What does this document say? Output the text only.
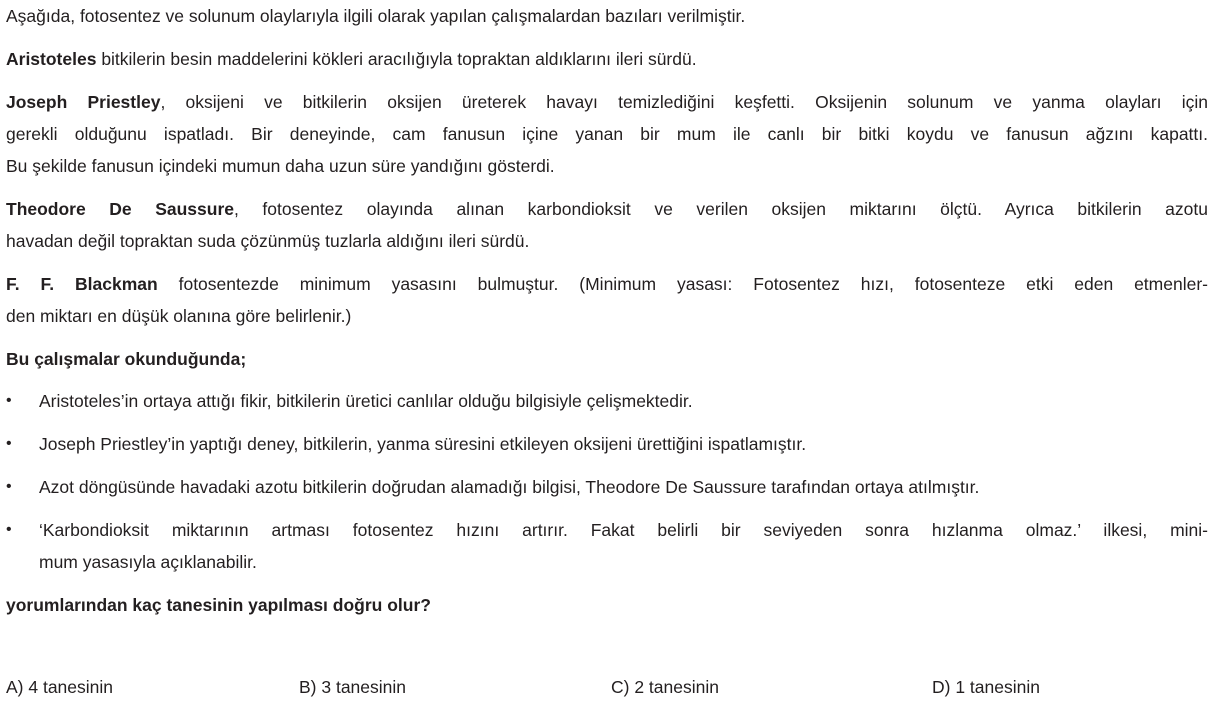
Aşağıda, fotosentez ve solunum olaylarıyla ilgili olarak yapılan çalışmalardan bazıları verilmiştir.
Aristoteles bitkilerin besin maddelerini kökleri aracılığıyla topraktan aldıklarını ileri sürdü.
Joseph Priestley, oksijeni ve bitkilerin oksijen üreterek havayı temizlediğini keşfetti. Oksijenin solunum ve yanma olayları için
gerekli olduğunu ispatladı. Bir deneyinde, cam fanusun içine yanan bir mum ile canlı bir bitki koydu ve fanusun ağzını kapattı.
Bu şekilde fanusun içindeki mumun daha uzun süre yandığını gösterdi.
Theodore De Saussure, fotosentez olayında alınan karbondioksit ve verilen oksijen miktarını ölçtü. Ayrıca bitkilerin azotu
havadan değil topraktan suda çözünmüş tuzlarla aldığını ileri sürdü.
F. F. Blackman fotosentezde minimum yasasını bulmuştur. (Minimum yasası: Fotosentez hızı, fotosenteze etki eden etmenler-
den miktarı en düşük olanına göre belirlenir.)
Bu çalışmalar okunduğunda;
• Aristoteles’in ortaya attığı fikir, bitkilerin üretici canlılar olduğu bilgisiyle çelişmektedir.
• Joseph Priestley’in yaptığı deney, bitkilerin, yanma süresini etkileyen oksijeni ürettiğini ispatlamıştır.
• Azot döngüsünde havadaki azotu bitkilerin doğrudan alamadığı bilgisi, Theodore De Saussure tarafından ortaya atılmıştır.
• ‘Karbondioksit miktarının artması fotosentez hızını artırır. Fakat belirli bir seviyeden sonra hızlanma olmaz.’ ilkesi, mini-
mum yasasıyla açıklanabilir.
yorumlarından kaç tanesinin yapılması doğru olur?
A) 4 tanesinin	B) 3 tanesinin	C) 2 tanesinin	D) 1 tanesinin
